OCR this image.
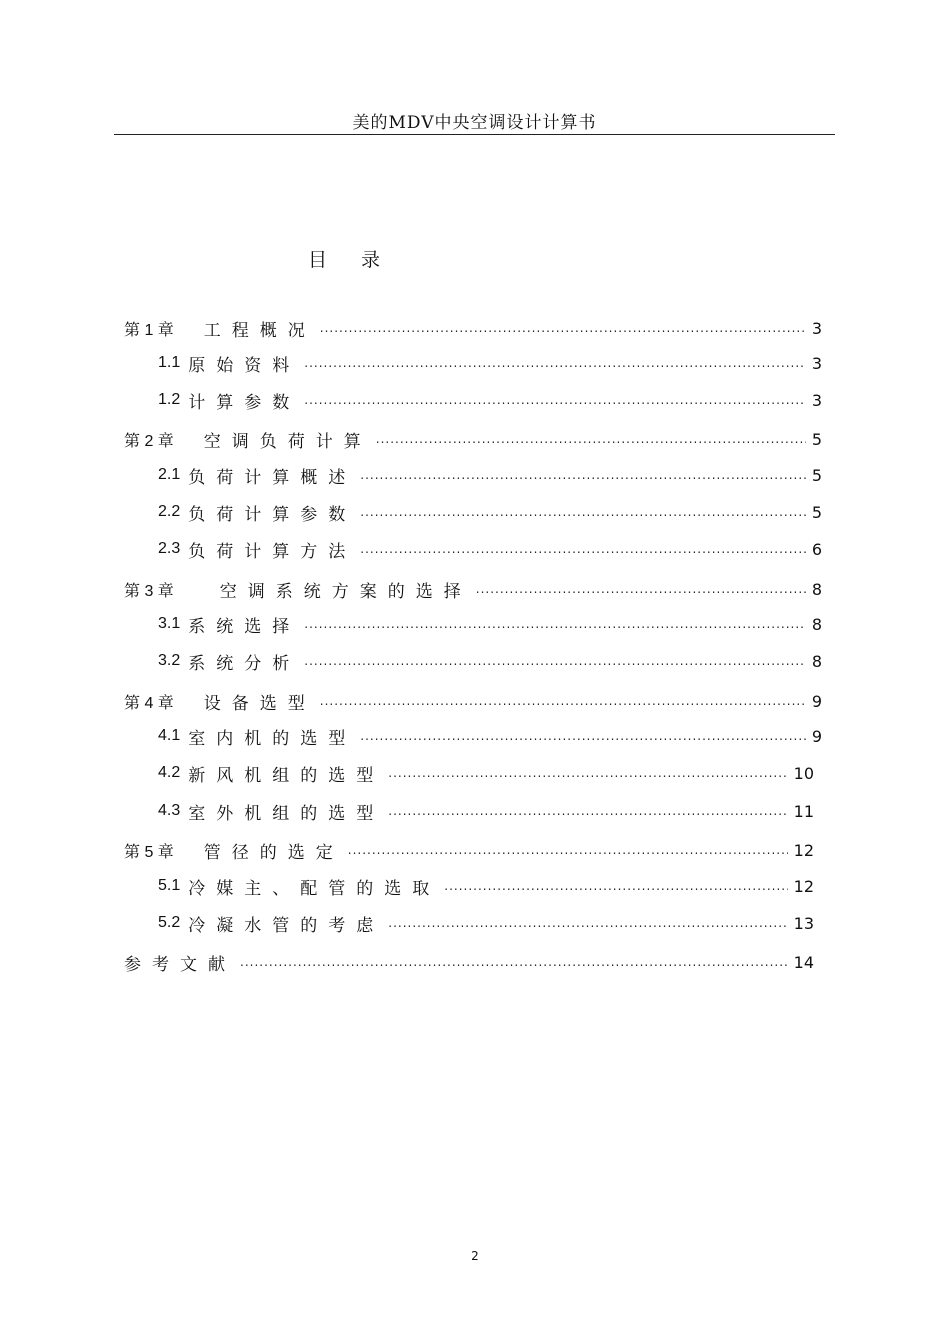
美的MDV中央空调设计计算书
目 录
第 1 章 工程概况 .....	3
1.1 原始资料 .....	3
1.2 计算参数 .....	3
第 2 章 空调负荷计算 .....	5
2.1 负荷计算概述 .....	5
2.2 负荷计算参数 .....	5
2.3 负荷计算方法 .....	6
第 3 章	空调系统方案的选择 .....	8
3.1 系统选择 .....	8
3.2 系统分析 .....	8
第 4 章 设备选型 .....	9
4.1 室内机的选型 .....	9
4.2 新风机组的选型 .....	10
4.3 室外机组的选型 .....	11
第 5 章 管径的选定 .....	12
5.1 冷媒主、配管的选取 .....	12
5.2 冷凝水管的考虑 .....	13
参考文献 .....	14
2
